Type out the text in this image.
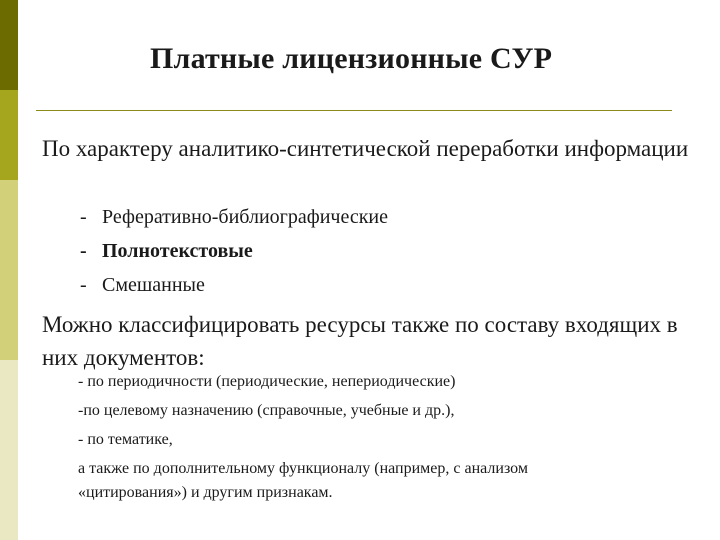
Платные лицензионные СУР
По характеру аналитико-синтетической переработки информации
- Реферативно-библиографические
- Полнотекстовые
- Смешанные
Можно классифицировать ресурсы также по составу входящих в них документов:
- по периодичности (периодические, непериодические)
-по целевому назначению (справочные, учебные и др.),
- по тематике,
а также по дополнительному функционалу (например, с анализом
«цитирования») и другим признакам.
